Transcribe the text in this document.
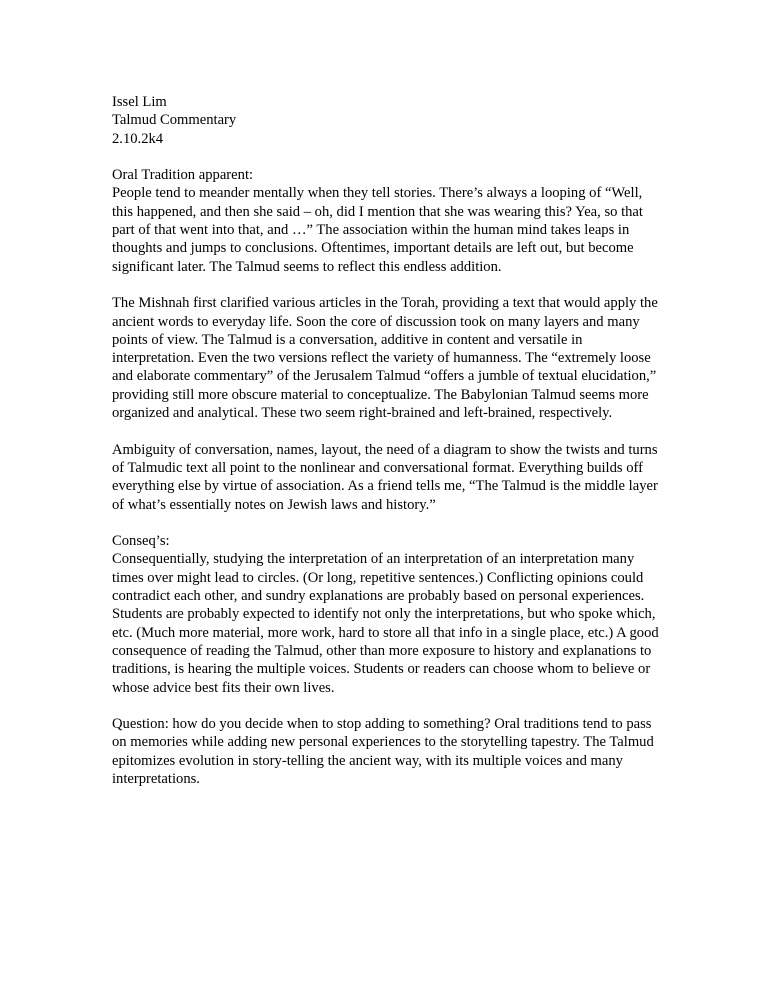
Issel Lim

Talmud Commentary

2.10.2k4

Oral Tradition apparent:

People tend to meander mentally when they tell stories. There’s always a looping of “Well, this happened, and then she said – oh, did I mention that she was wearing this? Yea, so that part of that went into that, and …” The association within the human mind takes leaps in thoughts and jumps to conclusions. Oftentimes, important details are left out, but become significant later. The Talmud seems to reflect this endless addition.

The Mishnah first clarified various articles in the Torah, providing a text that would apply the ancient words to everyday life. Soon the core of discussion took on many layers and many points of view. The Talmud is a conversation, additive in content and versatile in interpretation. Even the two versions reflect the variety of humanness. The “extremely loose and elaborate commentary” of the Jerusalem Talmud “offers a jumble of textual elucidation,” providing still more obscure material to conceptualize. The Babylonian Talmud seems more organized and analytical. These two seem right-brained and left-brained, respectively.

Ambiguity of conversation, names, layout, the need of a diagram to show the twists and turns of Talmudic text all point to the nonlinear and conversational format. Everything builds off everything else by virtue of association. As a friend tells me, “The Talmud is the middle layer of what’s essentially notes on Jewish laws and history.”

Conseq’s:

Consequentially, studying the interpretation of an interpretation of an interpretation many times over might lead to circles. (Or long, repetitive sentences.) Conflicting opinions could contradict each other, and sundry explanations are probably based on personal experiences. Students are probably expected to identify not only the interpretations, but who spoke which, etc. (Much more material, more work, hard to store all that info in a single place, etc.) A good consequence of reading the Talmud, other than more exposure to history and explanations to traditions, is hearing the multiple voices. Students or readers can choose whom to believe or whose advice best fits their own lives.

Question: how do you decide when to stop adding to something? Oral traditions tend to pass on memories while adding new personal experiences to the storytelling tapestry. The Talmud epitomizes evolution in story-telling the ancient way, with its multiple voices and many interpretations.
